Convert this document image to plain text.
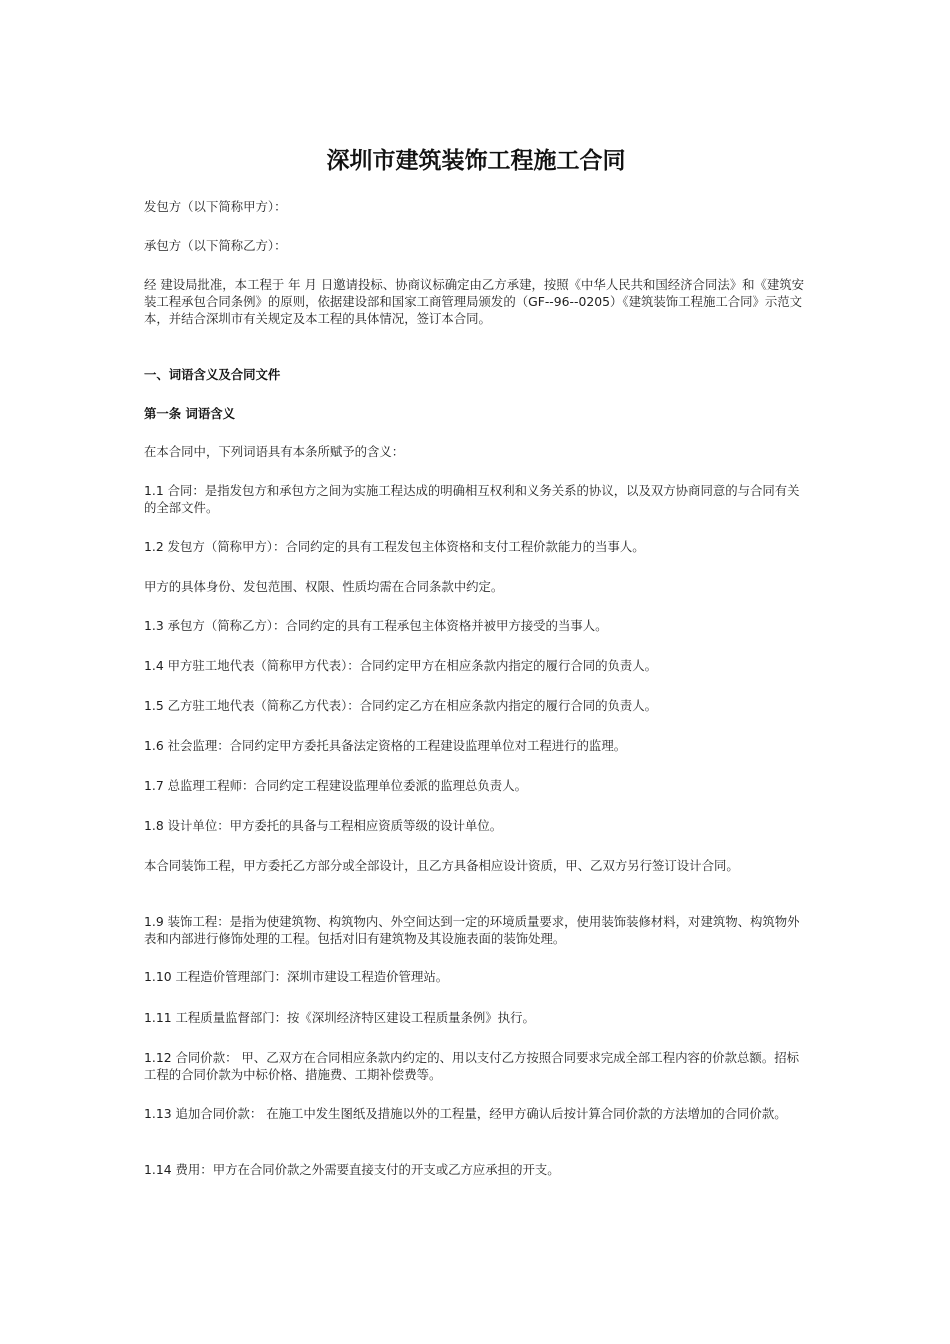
深圳市建筑装饰工程施工合同

发包方（以下简称甲方）：

承包方（以下简称乙方）：

经 建设局批准，本工程于 年 月 日邀请投标、协商议标确定由乙方承建，按照《中华人民共和国经济合同法》和《建筑安装工程承包合同条例》的原则，依据建设部和国家工商管理局颁发的（GF--96--0205）《建筑装饰工程施工合同》示范文本，并结合深圳市有关规定及本工程的具体情况，签订本合同。

一、词语含义及合同文件

第一条 词语含义

在本合同中，下列词语具有本条所赋予的含义：

1.1 合同：是指发包方和承包方之间为实施工程达成的明确相互权利和义务关系的协议，以及双方协商同意的与合同有关的全部文件。

1.2 发包方（简称甲方）：合同约定的具有工程发包主体资格和支付工程价款能力的当事人。

甲方的具体身份、发包范围、权限、性质均需在合同条款中约定。

1.3 承包方（简称乙方）：合同约定的具有工程承包主体资格并被甲方接受的当事人。

1.4 甲方驻工地代表（简称甲方代表）：合同约定甲方在相应条款内指定的履行合同的负责人。

1.5 乙方驻工地代表（简称乙方代表）：合同约定乙方在相应条款内指定的履行合同的负责人。

1.6 社会监理：合同约定甲方委托具备法定资格的工程建设监理单位对工程进行的监理。

1.7 总监理工程师：合同约定工程建设监理单位委派的监理总负责人。

1.8 设计单位：甲方委托的具备与工程相应资质等级的设计单位。

本合同装饰工程，甲方委托乙方部分或全部设计，且乙方具备相应设计资质，甲、乙双方另行签订设计合同。

1.9 装饰工程：是指为使建筑物、构筑物内、外空间达到一定的环境质量要求，使用装饰装修材料，对建筑物、构筑物外表和内部进行修饰处理的工程。包括对旧有建筑物及其设施表面的装饰处理。

1.10 工程造价管理部门：深圳市建设工程造价管理站。

1.11 工程质量监督部门：按《深圳经济特区建设工程质量条例》执行。

1.12 合同价款： 甲、乙双方在合同相应条款内约定的、用以支付乙方按照合同要求完成全部工程内容的价款总额。招标工程的合同价款为中标价格、措施费、工期补偿费等。

1.13 追加合同价款： 在施工中发生图纸及措施以外的工程量，经甲方确认后按计算合同价款的方法增加的合同价款。

1.14 费用：甲方在合同价款之外需要直接支付的开支或乙方应承担的开支。
